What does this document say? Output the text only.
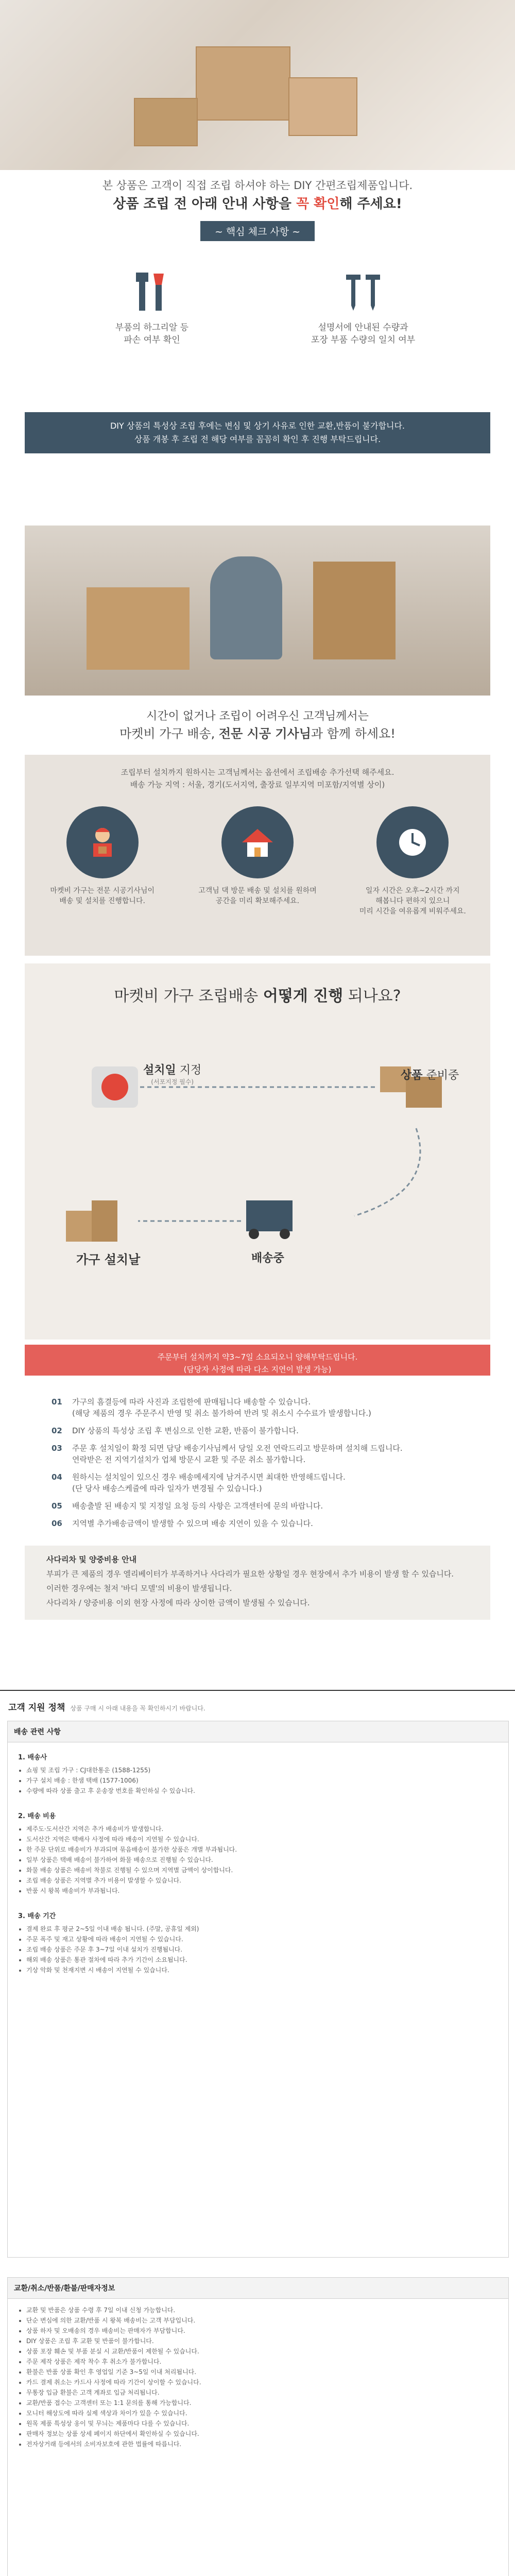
본 상품은 고객이 직접 조립 하셔야 하는 DIY 간편조립제품입니다.

상품 조립 전 아래 안내 사항을 꼭 확인해 주세요!

~ 핵심 체크 사항 ~
부품의 하그리알 등
파손 여부 확인
설명서에 안내된 수량과
포장 부품 수량의 일치 여부
DIY 상품의 특성상 조립 후에는 변심 및 상기 사유로 인한 교환,반품이 불가합니다.
상품 개봉 후 조립 전 해당 여부를 꼼꼼히 확인 후 진행 부탁드립니다.
시간이 없거나 조립이 어려우신 고객님께서는
마켓비 가구 배송, 전문 시공 기사님과 함께 하세요!
조립부터 설치까지 원하시는 고객님께서는 옵션에서 조립배송 추가선택 해주세요.
배송 가능 지역 : 서울, 경기(도서지역, 출장료 일부지역 미포함/지역별 상이)
마켓비 가구는 전문 시공기사님이
배송 및 설치를 진행합니다.
고객님 댁 방문 배송 및 설치를 원하며
공간을 미리 확보해주세요.
일자 시간은 오후~2시간 까지
해봅니다 편하지 있으니
미리 시간을 여유롭게 비워주세요.
마켓비 가구 조립배송 어떻게 진행 되나요?
설치일 지정
(서포지정 필수)	상품 준비중
배송중
가구 설치날
주문부터 설치까지 약3~7일 소요되오니 양해부탁드립니다.
(담당자 사정에 따라 다소 지연이 발생 가능)
01	가구의 흠결등에 따라 사진과 조립한에 판매됩니다 배송할 수 있습니다.
(해당 제품의 경우 주문주시 반영 및 취소 불가하여 반려 및 취소시 수수료가 발생합니다.)
02	DIY 상품의 특성상 조립 후 변심으로 인한 교환, 반품이 불가합니다.
03	주문 후 설치일이 확정 되면 담당 배송기사님께서 당일 오전 연락드리고 방문하며 설치해 드립니다.
연락받은 전 지역기설치가 업체 방문시 교환 및 주문 취소 불가합니다.
04	원하시는 설치일이 있으신 경우 배송메세지에 남겨주시면 최대한 반영해드립니다.
(단 당사 배송스케쥴에 따라 일자가 변경될 수 있습니다.)
05	배송출발 된 배송지 및 지정일 요청 등의 사항은 고객센터에 문의 바랍니다.
06	지역별 추가배송금액이 발생할 수 있으며 배송 지연이 있을 수 있습니다.

사다리차 및 양중비용 안내

부피가 큰 제품의 경우 엘리베이터가 부족하거나 사다리가 필요한 상황일 경우 현장에서 추가 비용이 발생 할 수 있습니다.

이러한 경우에는 철저 '바디 모델'의 비용이 발생됩니다.

사다리차 / 양중비용 이외 현장 사정에 따라 상이한 금액이 발생될 수 있습니다.

고객 지원 정책 상품 구매 시 아래 내용을 꼭 확인하시기 바랍니다.
배송 관련 사항
1. 배송사
• 쇼핑 및 조립 가구 : CJ대한통운 (1588-1255)
• 가구 설치 배송 : 한샘 택배 (1577-1006)
• 수량에 따라 상품 출고 후 운송장 번호를 확인하실 수 있습니다.
2. 배송 비용
• 제주도·도서산간 지역은 추가 배송비가 발생합니다.
• 도서산간 지역은 택배사 사정에 따라 배송이 지연될 수 있습니다.
• 한 주문 단위로 배송비가 부과되며 묶음배송이 불가한 상품은 개별 부과됩니다.
• 일부 상품은 택배 배송이 불가하여 화물 배송으로 진행될 수 있습니다.
• 화물 배송 상품은 배송비 착불로 진행될 수 있으며 지역별 금액이 상이합니다.
• 조립 배송 상품은 지역별 추가 비용이 발생할 수 있습니다.
• 반품 시 왕복 배송비가 부과됩니다.
3. 배송 기간
• 결제 완료 후 평균 2~5일 이내 배송 됩니다. (주말, 공휴일 제외)
• 주문 폭주 및 재고 상황에 따라 배송이 지연될 수 있습니다.
• 조립 배송 상품은 주문 후 3~7일 이내 설치가 진행됩니다.
• 해외 배송 상품은 통관 절차에 따라 추가 기간이 소요됩니다.
• 기상 악화 및 천재지변 시 배송이 지연될 수 있습니다.
교환/취소/반품/환불/판매자정보
• 교환 및 반품은 상품 수령 후 7일 이내 신청 가능합니다.
• 단순 변심에 의한 교환/반품 시 왕복 배송비는 고객 부담입니다.
• 상품 하자 및 오배송의 경우 배송비는 판매자가 부담합니다.
• DIY 상품은 조립 후 교환 및 반품이 불가합니다.
• 상품 포장 훼손 및 부품 분실 시 교환/반품이 제한될 수 있습니다.
• 주문 제작 상품은 제작 착수 후 취소가 불가합니다.
• 환불은 반품 상품 확인 후 영업일 기준 3~5일 이내 처리됩니다.
• 카드 결제 취소는 카드사 사정에 따라 기간이 상이할 수 있습니다.
• 무통장 입금 환불은 고객 계좌로 입금 처리됩니다.
• 교환/반품 접수는 고객센터 또는 1:1 문의를 통해 가능합니다.
• 모니터 해상도에 따라 실제 색상과 차이가 있을 수 있습니다.
• 원목 제품 특성상 옹이 및 무늬는 제품마다 다를 수 있습니다.
• 판매자 정보는 상품 상세 페이지 하단에서 확인하실 수 있습니다.
• 전자상거래 등에서의 소비자보호에 관한 법률에 따릅니다.
